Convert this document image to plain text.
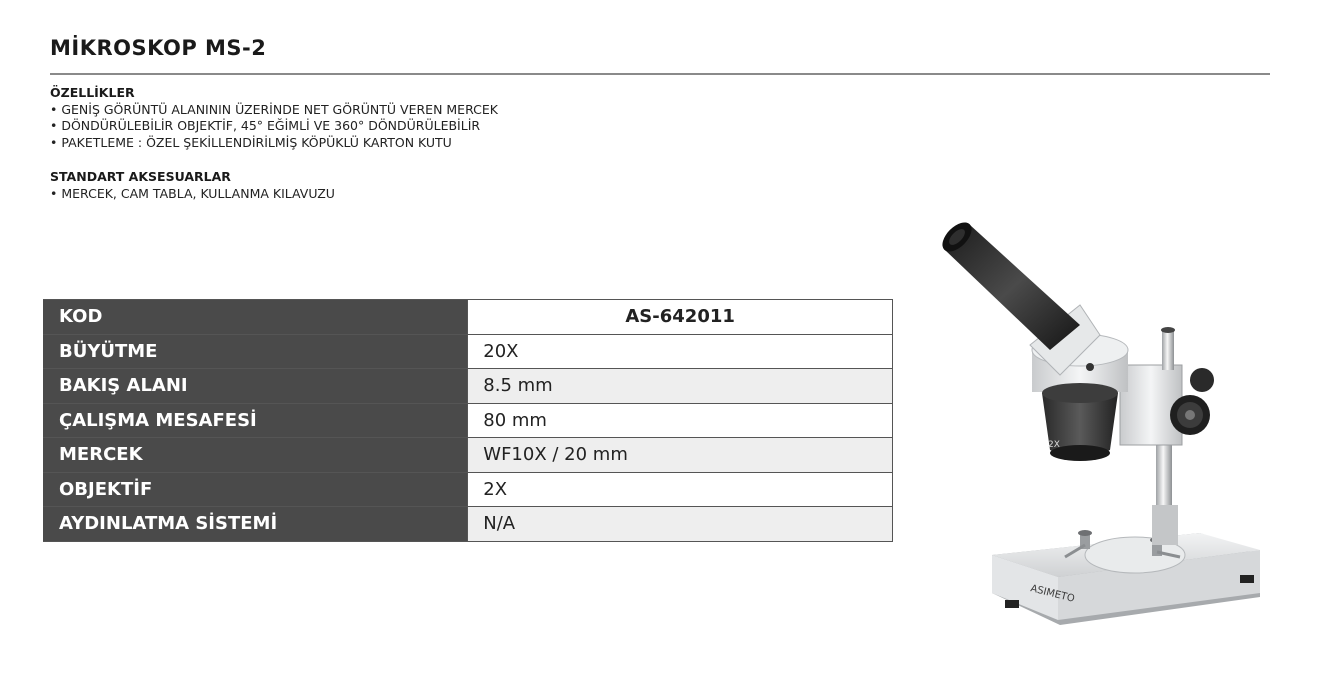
MİKROSKOP MS-2
ÖZELLİKLER
• GENİŞ GÖRÜNTÜ ALANININ ÜZERİNDE NET GÖRÜNTÜ VEREN MERCEK
• DÖNDÜRÜLEBİLİR OBJEKTİF, 45° EĞİMLİ VE 360° DÖNDÜRÜLEBİLİR
• PAKETLEME : ÖZEL ŞEKİLLENDİRİLMİŞ KÖPÜKLÜ KARTON KUTU
STANDART AKSESUARLAR
• MERCEK, CAM TABLA, KULLANMA KILAVUZU
KOD	AS-642011
BÜYÜTME	20X
BAKIŞ ALANI	8.5 mm
ÇALIŞMA MESAFESİ	80 mm
MERCEK	WF10X / 20 mm
OBJEKTİF	2X
AYDINLATMA SİSTEMİ	N/A
ASIMETO
2X
